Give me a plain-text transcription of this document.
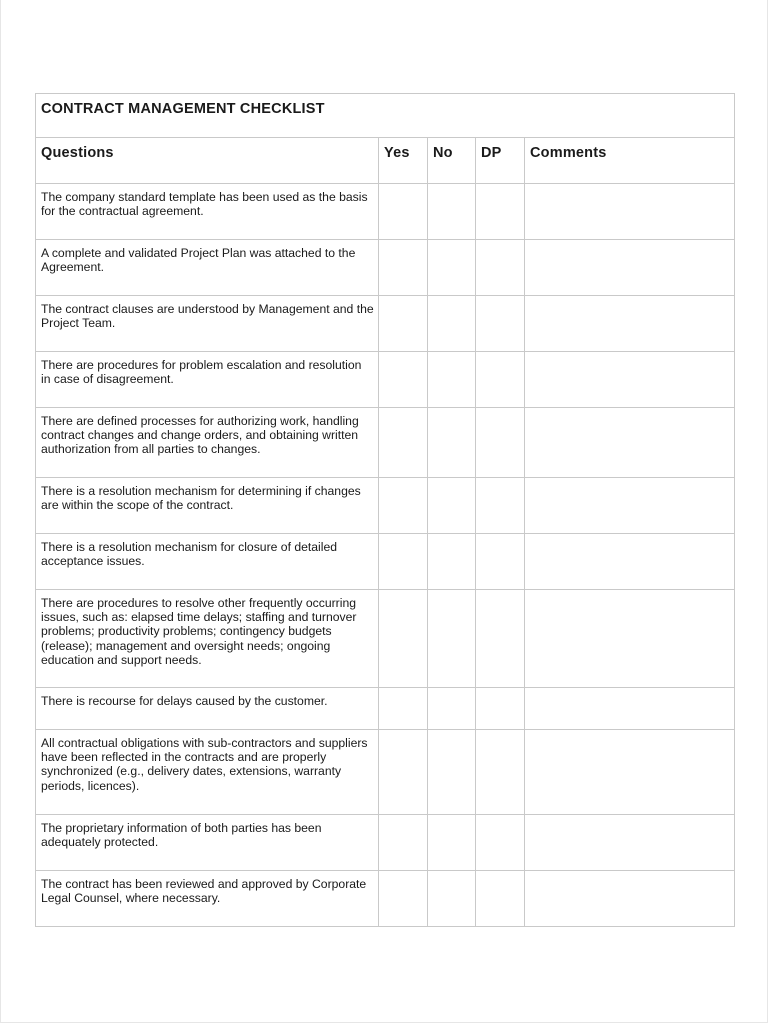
CONTRACT MANAGEMENT CHECKLIST				
Questions	Yes	No	DP	Comments
The company standard template has been used as the basis for the contractual agreement.				
A complete and validated Project Plan was attached to the Agreement.				
The contract clauses are understood by Management and the Project Team.				
There are procedures for problem escalation and resolution in case of disagreement.				
There are defined processes for authorizing work, handling contract changes and change orders, and obtaining written authorization from all parties to changes.				
There is a resolution mechanism for determining if changes are within the scope of the contract.				
There is a resolution mechanism for closure of detailed acceptance issues.				
There are procedures to resolve other frequently occurring issues, such as: elapsed time delays; staffing and turnover problems; productivity problems; contingency budgets (release); management and oversight needs; ongoing education and support needs.				
There is recourse for delays caused by the customer.				
All contractual obligations with sub-contractors and suppliers have been reflected in the contracts and are properly synchronized (e.g., delivery dates, extensions, warranty periods, licences).				
The proprietary information of both parties has been adequately protected.				
The contract has been reviewed and approved by Corporate Legal Counsel, where necessary.				
